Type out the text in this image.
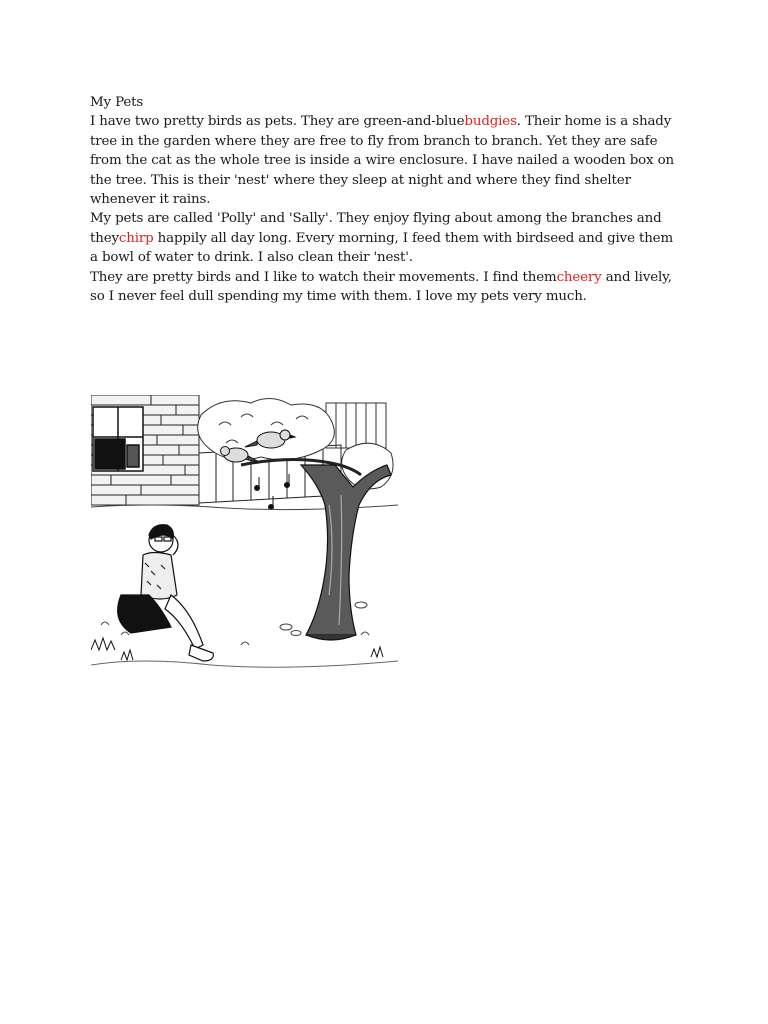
My Pets

I have two pretty birds as pets. They are green-and-bluebudgies. Their home is a shady tree in the garden where they are free to fly from branch to branch. Yet they are safe from the cat as the whole tree is inside a wire enclosure. I have nailed a wooden box on the tree. This is their 'nest' where they sleep at night and where they find shelter whenever it rains.

My pets are called 'Polly' and 'Sally'. They enjoy flying about among the branches and theychirp happily all day long. Every morning, I feed them with birdseed and give them a bowl of water to drink. I also clean their 'nest'.

They are pretty birds and I like to watch their movements. I find themcheery and lively, so I never feel dull spending my time with them. I love my pets very much.
